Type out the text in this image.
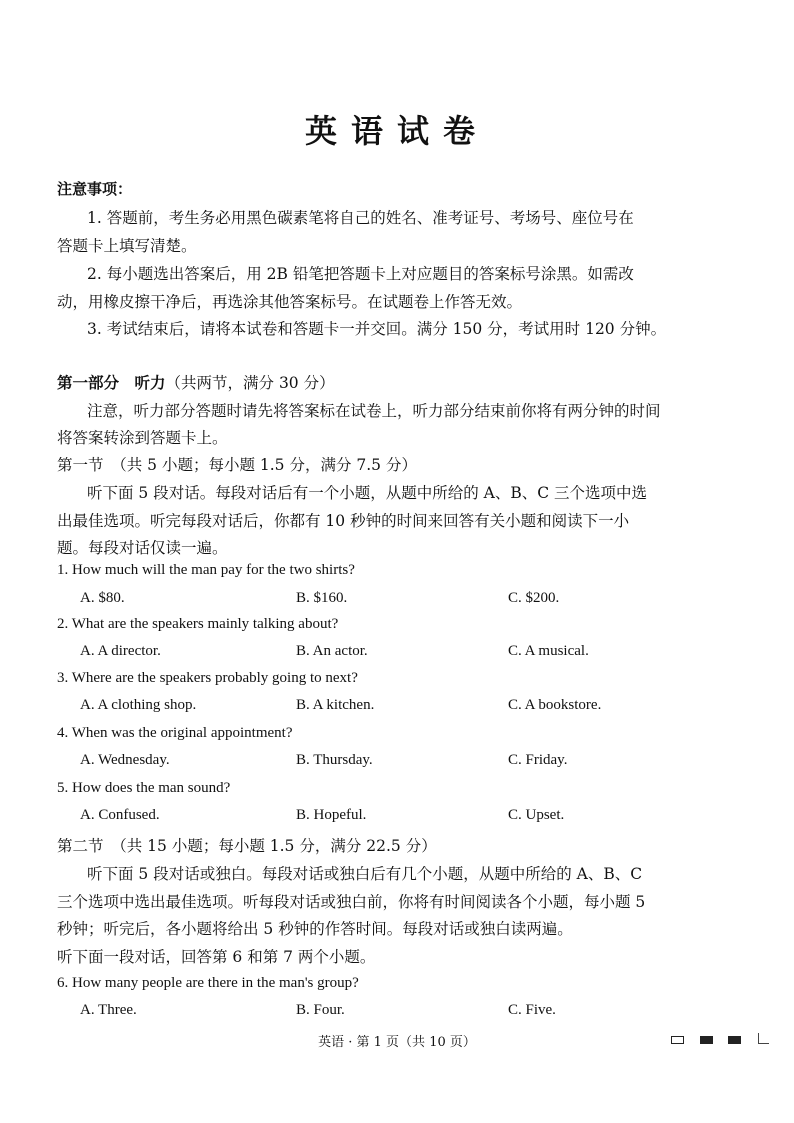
英语试卷
注意事项：
1. 答题前，考生务必用黑色碳素笔将自己的姓名、准考证号、考场号、座位号在
答题卡上填写清楚。
2. 每小题选出答案后，用 2B 铅笔把答题卡上对应题目的答案标号涂黑。如需改
动，用橡皮擦干净后，再选涂其他答案标号。在试题卷上作答无效。
3. 考试结束后，请将本试卷和答题卡一并交回。满分 150 分，考试用时 120 分钟。
第一部分　听力（共两节，满分 30 分）
注意，听力部分答题时请先将答案标在试卷上，听力部分结束前你将有两分钟的时间
将答案转涂到答题卡上。
第一节　（共 5 小题；每小题 1.5 分，满分 7.5 分）
听下面 5 段对话。每段对话后有一个小题，从题中所给的 A、B、C 三个选项中选
出最佳选项。听完每段对话后，你都有 10 秒钟的时间来回答有关小题和阅读下一小
题。每段对话仅读一遍。
1. How much will the man pay for the two shirts?
A. $80.	B. $160.	C. $200.
2. What are the speakers mainly talking about?
A. A director.	B. An actor.	C. A musical.
3. Where are the speakers probably going to next?
A. A clothing shop.	B. A kitchen.	C. A bookstore.
4. When was the original appointment?
A. Wednesday.	B. Thursday.	C. Friday.
5. How does the man sound?
A. Confused.	B. Hopeful.	C. Upset.
第二节　（共 15 小题；每小题 1.5 分，满分 22.5 分）
听下面 5 段对话或独白。每段对话或独白后有几个小题，从题中所给的 A、B、C
三个选项中选出最佳选项。听每段对话或独白前，你将有时间阅读各个小题，每小题 5
秒钟；听完后，各小题将给出 5 秒钟的作答时间。每段对话或独白读两遍。
听下面一段对话，回答第 6 和第 7 两个小题。
6. How many people are there in the man's group?
A. Three.	B. Four.	C. Five.
英语 · 第 1 页（共 10 页）
